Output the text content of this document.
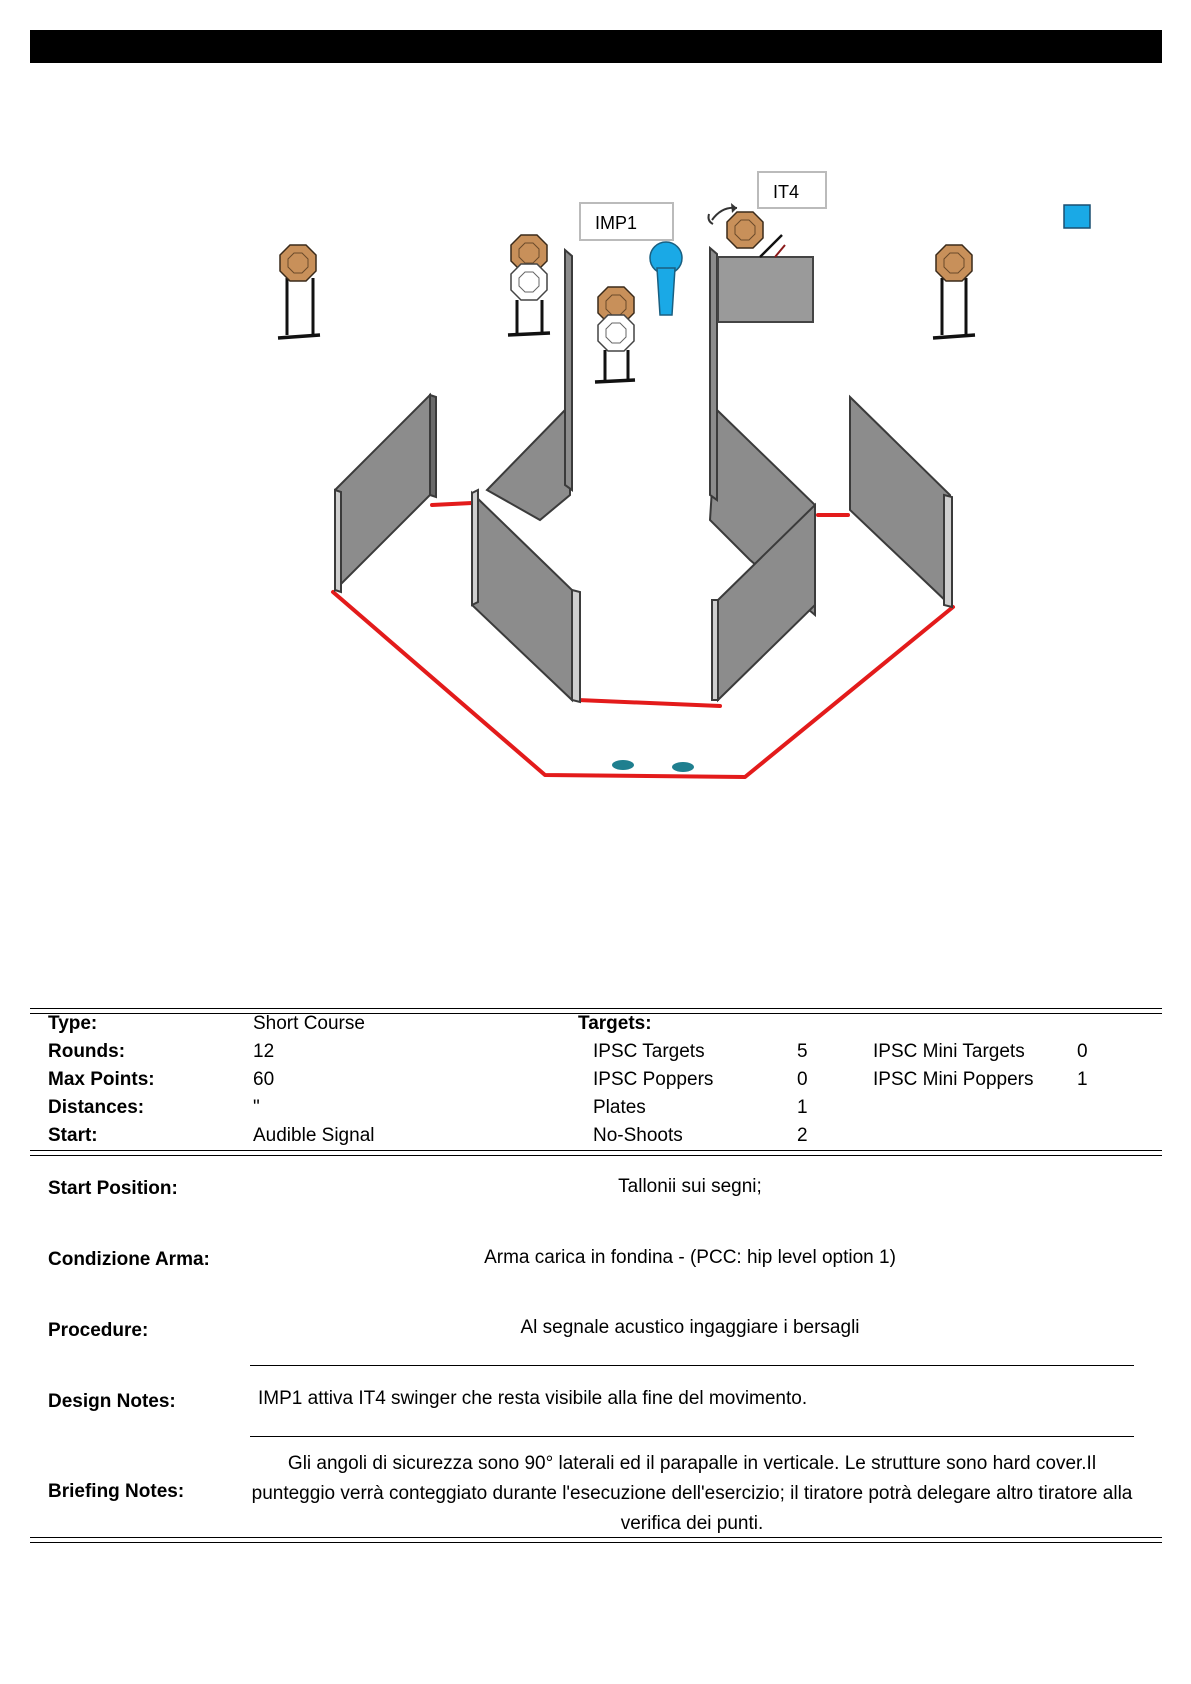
IMP1
IT4
Type:	Short Course	Targets:
Rounds:	12	IPSC Targets	5	IPSC Mini Targets	0
Max Points:	60	IPSC Poppers	0	IPSC Mini Poppers 1
Distances:	"	Plates	1
Start:	Audible Signal	No-Shoots	2
Start Position:	Tallonii sui segni;
Condizione Arma:	Arma carica in fondina - (PCC: hip level option 1)
Procedure:	Al segnale acustico ingaggiare i bersagli
Design Notes:	IMP1 attiva IT4 swinger che resta visibile alla fine del movimento.
Briefing Notes:
Gli angoli di sicurezza sono 90° laterali ed il parapalle in verticale. Le strutture sono hard cover.Il punteggio verrà conteggiato durante l'esecuzione dell'esercizio; il tiratore potrà delegare altro tiratore alla verifica dei punti.
